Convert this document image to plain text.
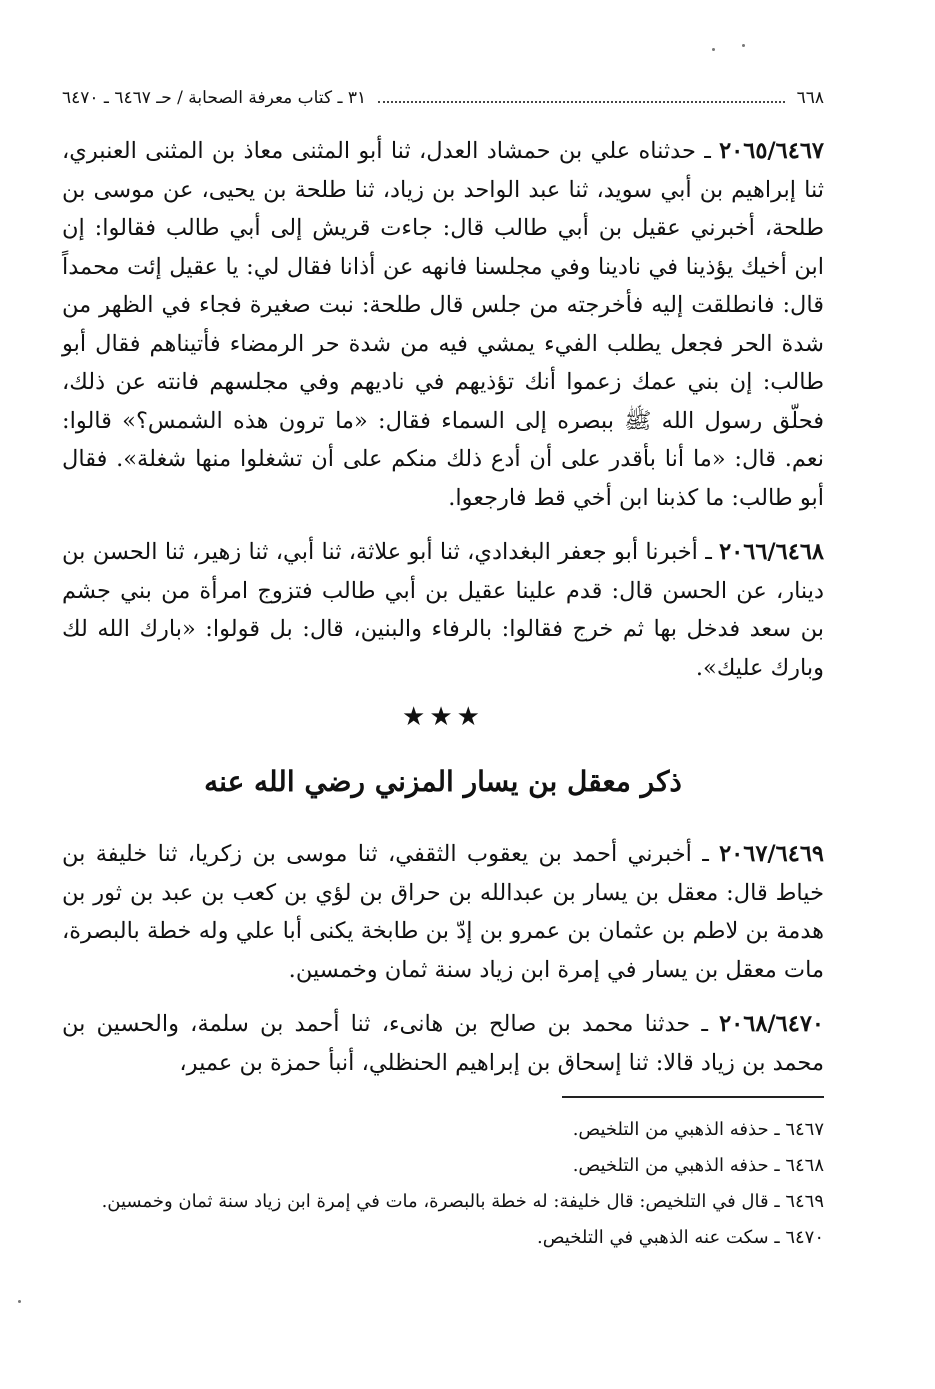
٦٦٨
٣١ ـ كتاب معرفة الصحابة / حـ ٦٤٦٧ ـ ٦٤٧٠

٢٠٦٥/٦٤٦٧ ـ حدثناه علي بن حمشاد العدل، ثنا أبو المثنى معاذ بن المثنى العنبري، ثنا إبراهيم بن أبي سويد، ثنا عبد الواحد بن زياد، ثنا طلحة بن يحيى، عن موسى بن طلحة، أخبرني عقيل بن أبي طالب قال: جاءت قريش إلى أبي طالب فقالوا: إن ابن أخيك يؤذينا في نادينا وفي مجلسنا فانهه عن أذانا فقال لي: يا عقيل إئت محمداً قال: فانطلقت إليه فأخرجته من جلس قال طلحة: نبت صغيرة فجاء في الظهر من شدة الحر فجعل يطلب الفيء يمشي فيه من شدة حر الرمضاء فأتيناهم فقال أبو طالب: إن بني عمك زعموا أنك تؤذيهم في ناديهم وفي مجلسهم فانته عن ذلك، فحلّق رسول الله ﷺ ببصره إلى السماء فقال: «ما ترون هذه الشمس؟» قالوا: نعم. قال: «ما أنا بأقدر على أن أدع ذلك منكم على أن تشغلوا منها شغلة». فقال أبو طالب: ما كذبنا ابن أخي قط فارجعوا.

٢٠٦٦/٦٤٦٨ ـ أخبرنا أبو جعفر البغدادي، ثنا أبو علاثة، ثنا أبي، ثنا زهير، ثنا الحسن بن دينار، عن الحسن قال: قدم علينا عقيل بن أبي طالب فتزوج امرأة من بني جشم بن سعد فدخل بها ثم خرج فقالوا: بالرفاء والبنين، قال: بل قولوا: «بارك الله لك وبارك عليك».

★★★
ذكر معقل بن يسار المزني رضي الله عنه

٢٠٦٧/٦٤٦٩ ـ أخبرني أحمد بن يعقوب الثقفي، ثنا موسى بن زكريا، ثنا خليفة بن خياط قال: معقل بن يسار بن عبدالله بن حراق بن لؤي بن كعب بن عبد بن ثور بن هدمة بن لاطم بن عثمان بن عمرو بن إدّ بن طابخة يكنى أبا علي وله خطة بالبصرة، مات معقل بن يسار في إمرة ابن زياد سنة ثمان وخمسين.

٢٠٦٨/٦٤٧٠ ـ حدثنا محمد بن صالح بن هانىء، ثنا أحمد بن سلمة، والحسين بن محمد بن زياد قالا: ثنا إسحاق بن إبراهيم الحنظلي، أنبأ حمزة بن عمير،

٦٤٦٧ ـ حذفه الذهبي من التلخيص.

٦٤٦٨ ـ حذفه الذهبي من التلخيص.

٦٤٦٩ ـ قال في التلخيص: قال خليفة: له خطة بالبصرة، مات في إمرة ابن زياد سنة ثمان وخمسين.

٦٤٧٠ ـ سكت عنه الذهبي في التلخيص.
